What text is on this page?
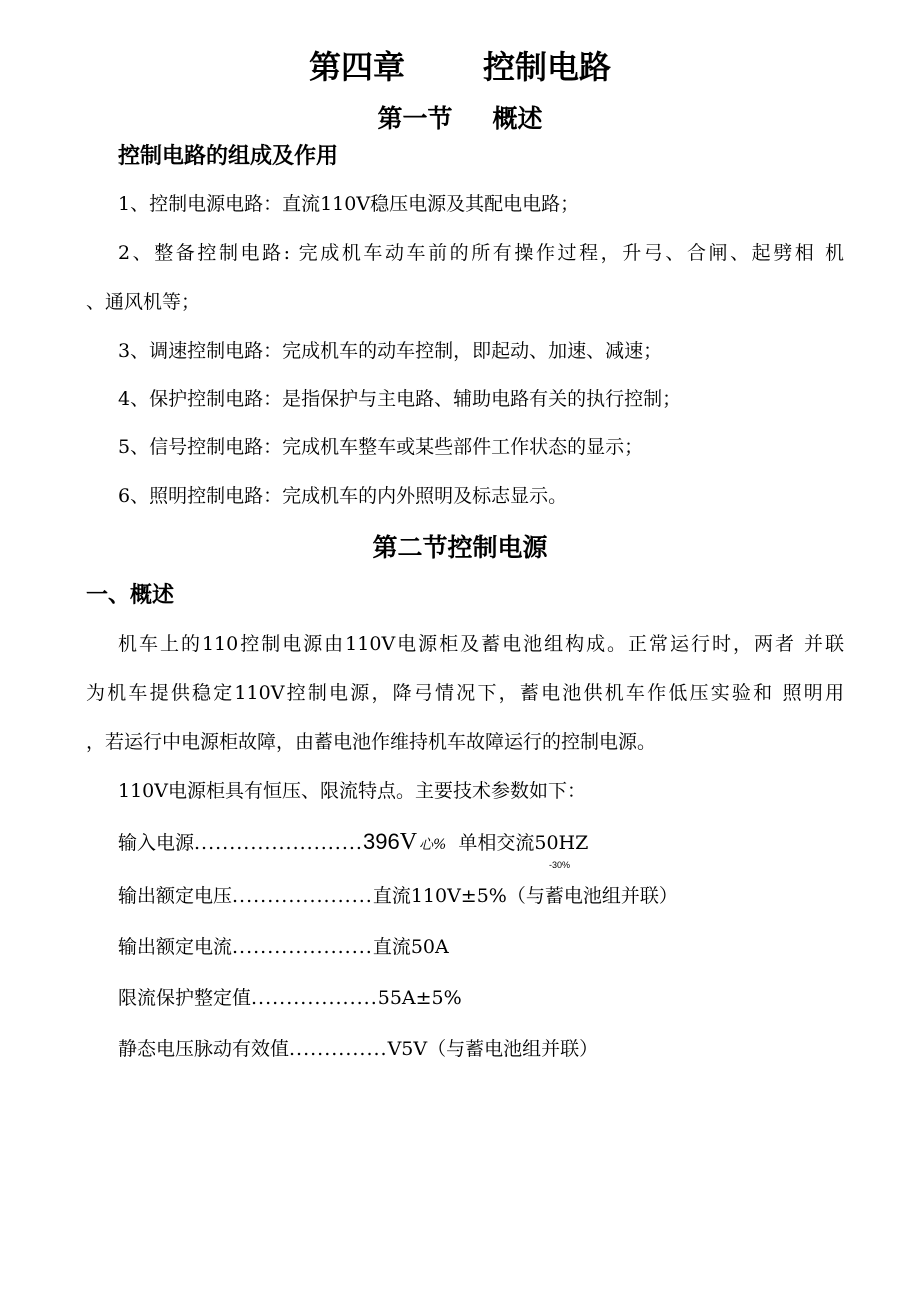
第四章 控制电路
第一节 概述
控制电路的组成及作用
1、控制电源电路：直流110V稳压电源及其配电电路；
2、整备控制电路: 完成机车动车前的所有操作过程，升弓、合闸、起劈相 机
、通风机等；
3、调速控制电路：完成机车的动车控制，即起动、加速、减速；
4、保护控制电路：是指保护与主电路、辅助电路有关的执行控制；
5、信号控制电路：完成机车整车或某些部件工作状态的显示；
6、照明控制电路：完成机车的内外照明及标志显示。
第二节控制电源
一、概述
机车上的110控制电源由110V电源柜及蓄电池组构成。正常运行时，两者 并联
为机车提供稳定110V控制电源，降弓情况下，蓄电池供机车作低压实验和 照明用
，若运行中电源柜故障，由蓄电池作维持机车故障运行的控制电源。
110V电源柜具有恒压、限流特点。主要技术参数如下：
输入电源........................396V 心% 单相交流50HZ
-30%
输出额定电压....................直流110V±5%（与蓄电池组并联）
输出额定电流....................直流50A
限流保护整定值..................55A±5%
静态电压脉动有效值..............V5V（与蓄电池组并联）
